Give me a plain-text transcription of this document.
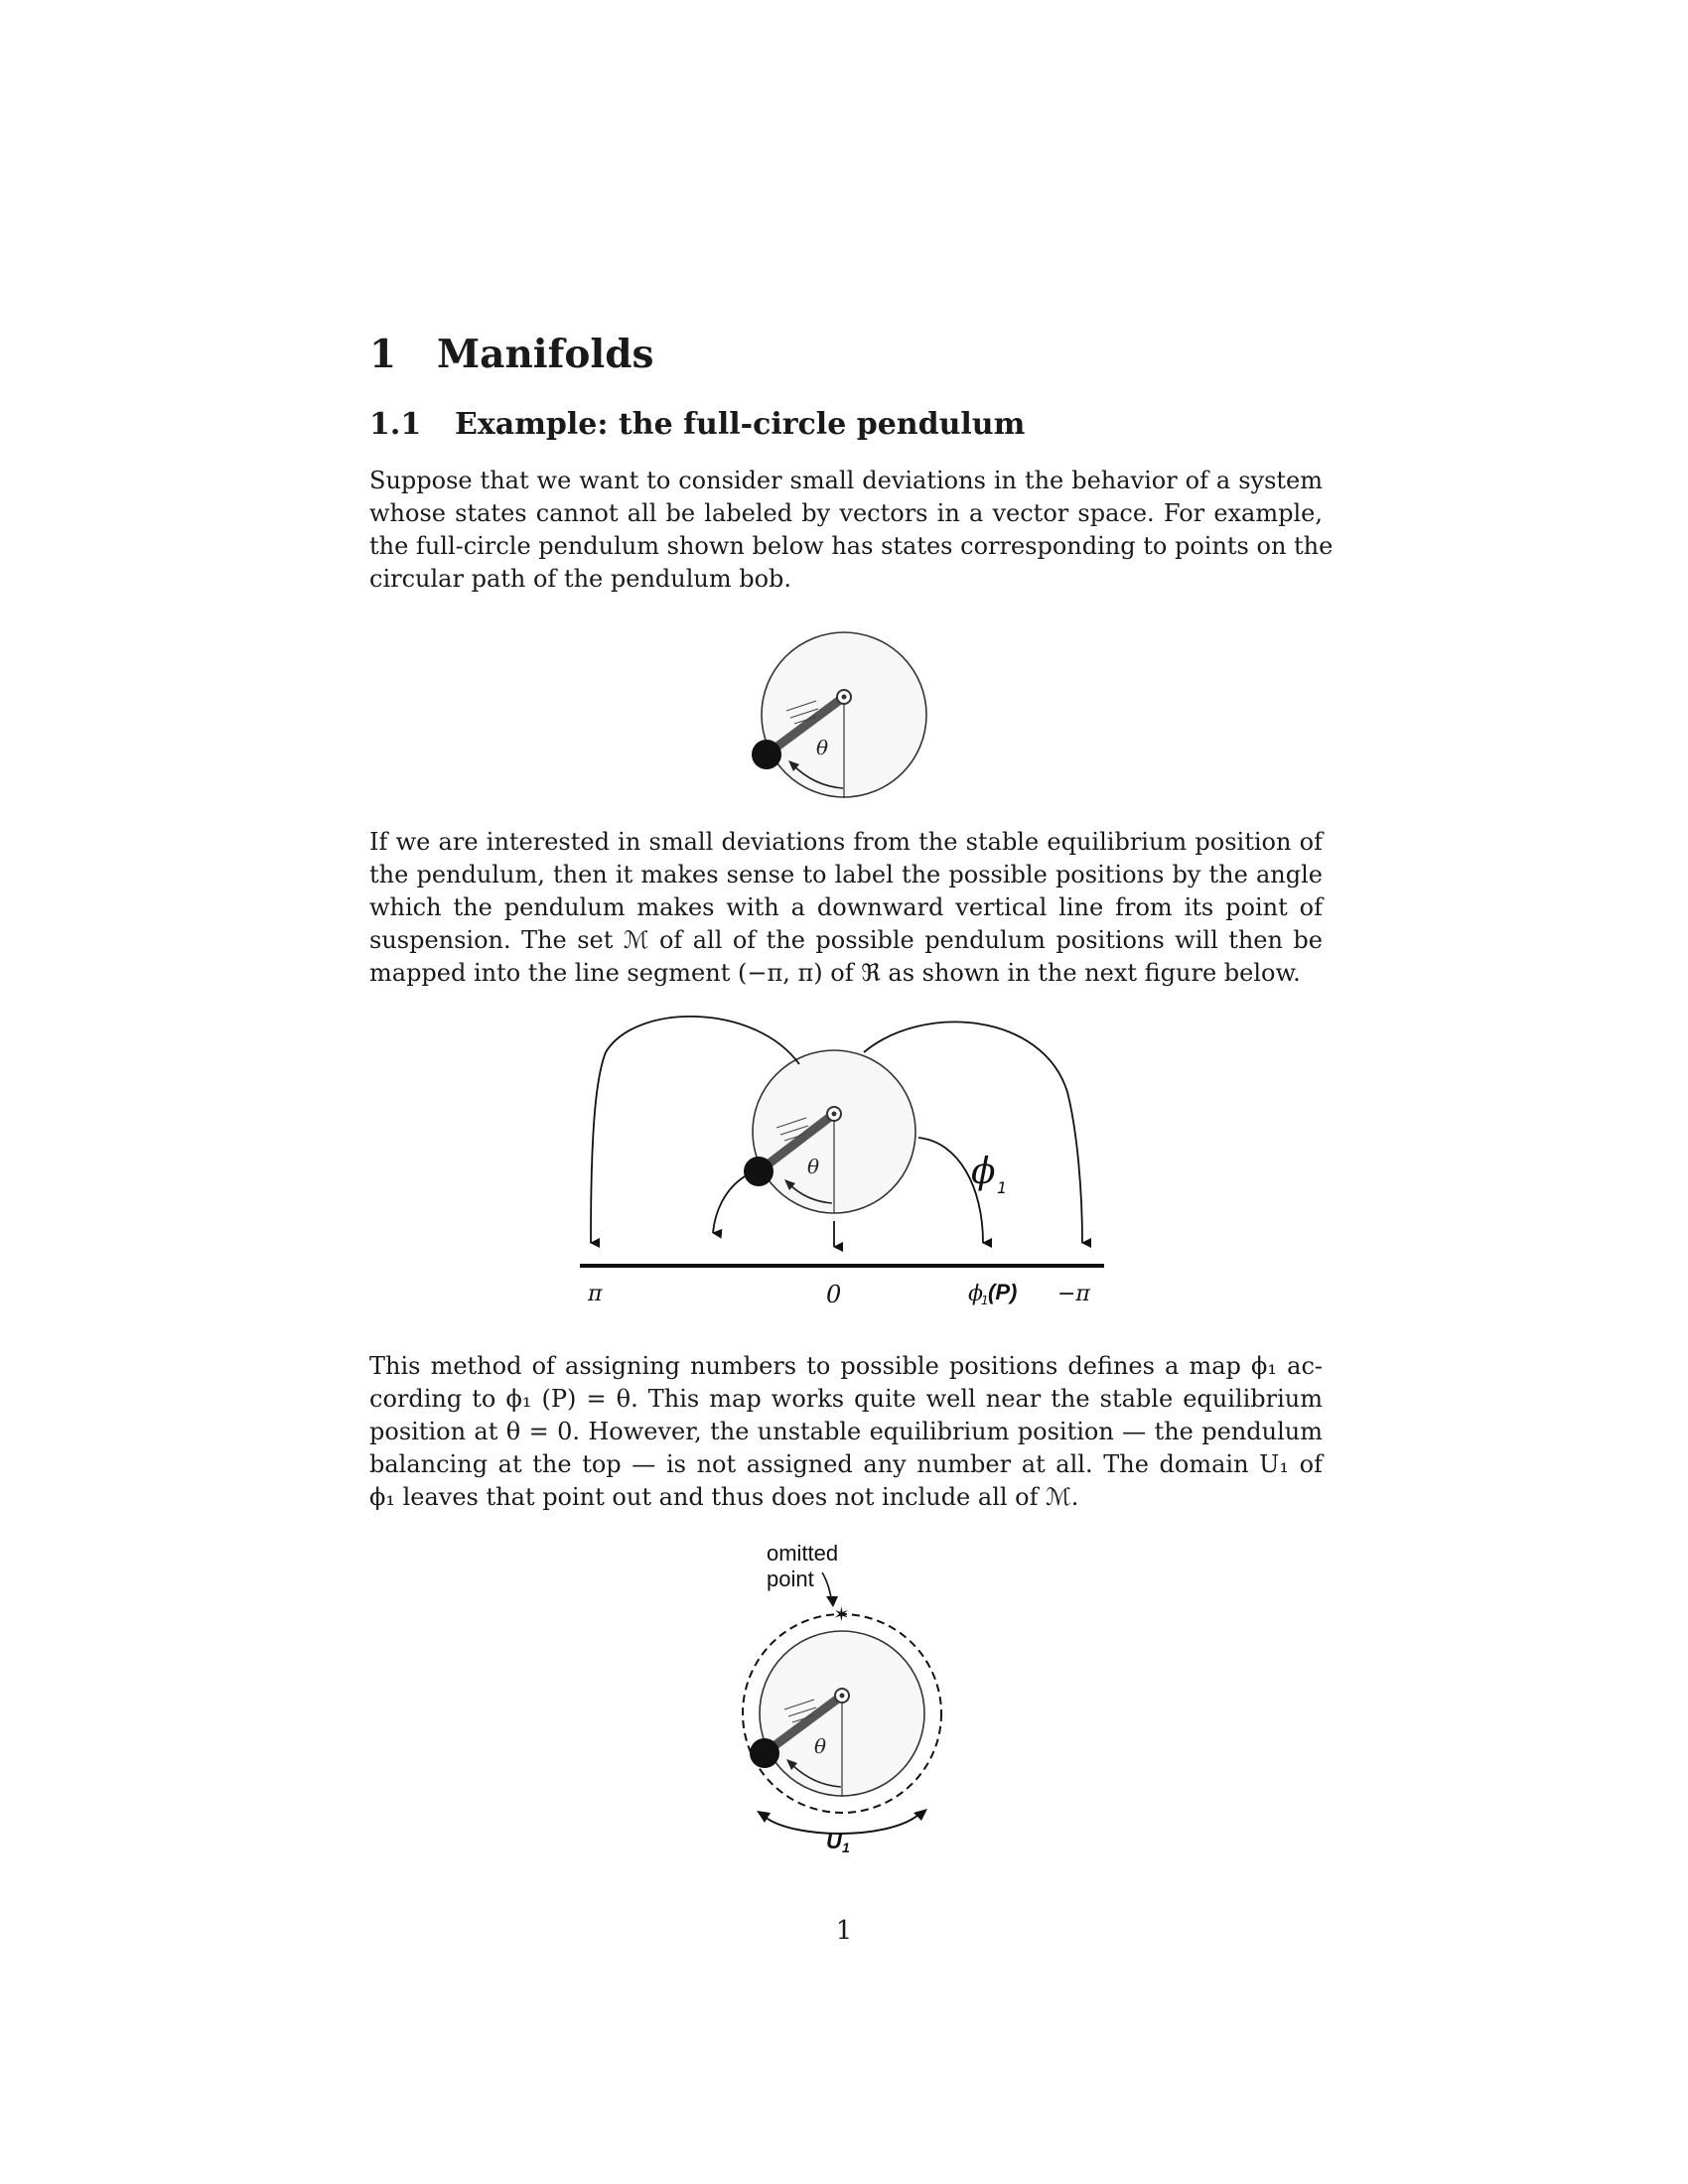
1 Manifolds
1.1 Example: the full-circle pendulum
Suppose that we want to consider small deviations in the behavior of a system
whose states cannot all be labeled by vectors in a vector space. For example,
the full-circle pendulum shown below has states corresponding to points on the
circular path of the pendulum bob.
θ
If we are interested in small deviations from the stable equilibrium position of
the pendulum, then it makes sense to label the possible positions by the angle
which the pendulum makes with a downward vertical line from its point of
suspension. The set ℳ of all of the possible pendulum positions will then be
mapped into the line segment (−π, π) of ℜ as shown in the next figure below.
θ	ϕ 1
π	0	ϕ
1 (P) −π
This method of assigning numbers to possible positions defines a map ϕ₁ ac-
cording to ϕ₁ (P) = θ. This map works quite well near the stable equilibrium
position at θ = 0. However, the unstable equilibrium position — the pendulum
balancing at the top — is not assigned any number at all. The domain U₁ of
ϕ₁ leaves that point out and thus does not include all of ℳ.
omitted
point
✶
θ
U 1
1
